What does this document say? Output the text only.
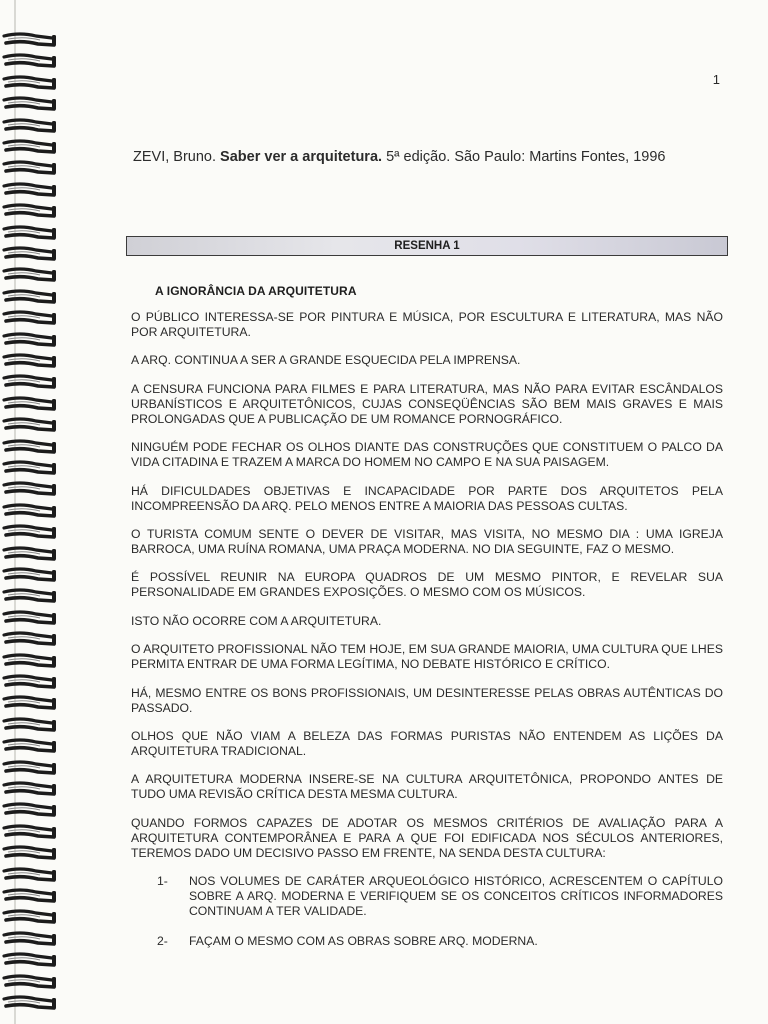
1
ZEVI, Bruno. Saber ver a arquitetura. 5ª edição. São Paulo: Martins Fontes, 1996
RESENHA 1
A IGNORÂNCIA DA ARQUITETURA

O PÚBLICO INTERESSA-SE POR PINTURA E MÚSICA, POR ESCULTURA E LITERATURA, MAS NÃO POR ARQUITETURA.

A ARQ. CONTINUA A SER A GRANDE ESQUECIDA PELA IMPRENSA.

A CENSURA FUNCIONA PARA FILMES E PARA LITERATURA, MAS NÃO PARA EVITAR ESCÂNDALOS URBANÍSTICOS E ARQUITETÔNICOS, CUJAS CONSEQÜÊNCIAS SÃO BEM MAIS GRAVES E MAIS PROLONGADAS QUE A PUBLICAÇÃO DE UM ROMANCE PORNOGRÁFICO.

NINGUÉM PODE FECHAR OS OLHOS DIANTE DAS CONSTRUÇÕES QUE CONSTITUEM O PALCO DA VIDA CITADINA E TRAZEM A MARCA DO HOMEM NO CAMPO E NA SUA PAISAGEM.

HÁ DIFICULDADES OBJETIVAS E INCAPACIDADE POR PARTE DOS ARQUITETOS PELA INCOMPREENSÃO DA ARQ. PELO MENOS ENTRE A MAIORIA DAS PESSOAS CULTAS.

O TURISTA COMUM SENTE O DEVER DE VISITAR, MAS VISITA, NO MESMO DIA : UMA IGREJA BARROCA, UMA RUÍNA ROMANA, UMA PRAÇA MODERNA. NO DIA SEGUINTE, FAZ O MESMO.

É POSSÍVEL REUNIR NA EUROPA QUADROS DE UM MESMO PINTOR, E REVELAR SUA PERSONALIDADE EM GRANDES EXPOSIÇÕES. O MESMO COM OS MÚSICOS.

ISTO NÃO OCORRE COM A ARQUITETURA.

O ARQUITETO PROFISSIONAL NÃO TEM HOJE, EM SUA GRANDE MAIORIA, UMA CULTURA QUE LHES PERMITA ENTRAR DE UMA FORMA LEGÍTIMA, NO DEBATE HISTÓRICO E CRÍTICO.

HÁ, MESMO ENTRE OS BONS PROFISSIONAIS, UM DESINTERESSE PELAS OBRAS AUTÊNTICAS DO PASSADO.

OLHOS QUE NÃO VIAM A BELEZA DAS FORMAS PURISTAS NÃO ENTENDEM AS LIÇÕES DA ARQUITETURA TRADICIONAL.

A ARQUITETURA MODERNA INSERE-SE NA CULTURA ARQUITETÔNICA, PROPONDO ANTES DE TUDO UMA REVISÃO CRÍTICA DESTA MESMA CULTURA.

QUANDO FORMOS CAPAZES DE ADOTAR OS MESMOS CRITÉRIOS DE AVALIAÇÃO PARA A ARQUITETURA CONTEMPORÂNEA E PARA A QUE FOI EDIFICADA NOS SÉCULOS ANTERIORES, TEREMOS DADO UM DECISIVO PASSO EM FRENTE, NA SENDA DESTA CULTURA:

1- NOS VOLUMES DE CARÁTER ARQUEOLÓGICO HISTÓRICO, ACRESCENTEM O CAPÍTULO SOBRE A ARQ. MODERNA E VERIFIQUEM SE OS CONCEITOS CRÍTICOS INFORMADORES CONTINUAM A TER VALIDADE.
2- FAÇAM O MESMO COM AS OBRAS SOBRE ARQ. MODERNA.
